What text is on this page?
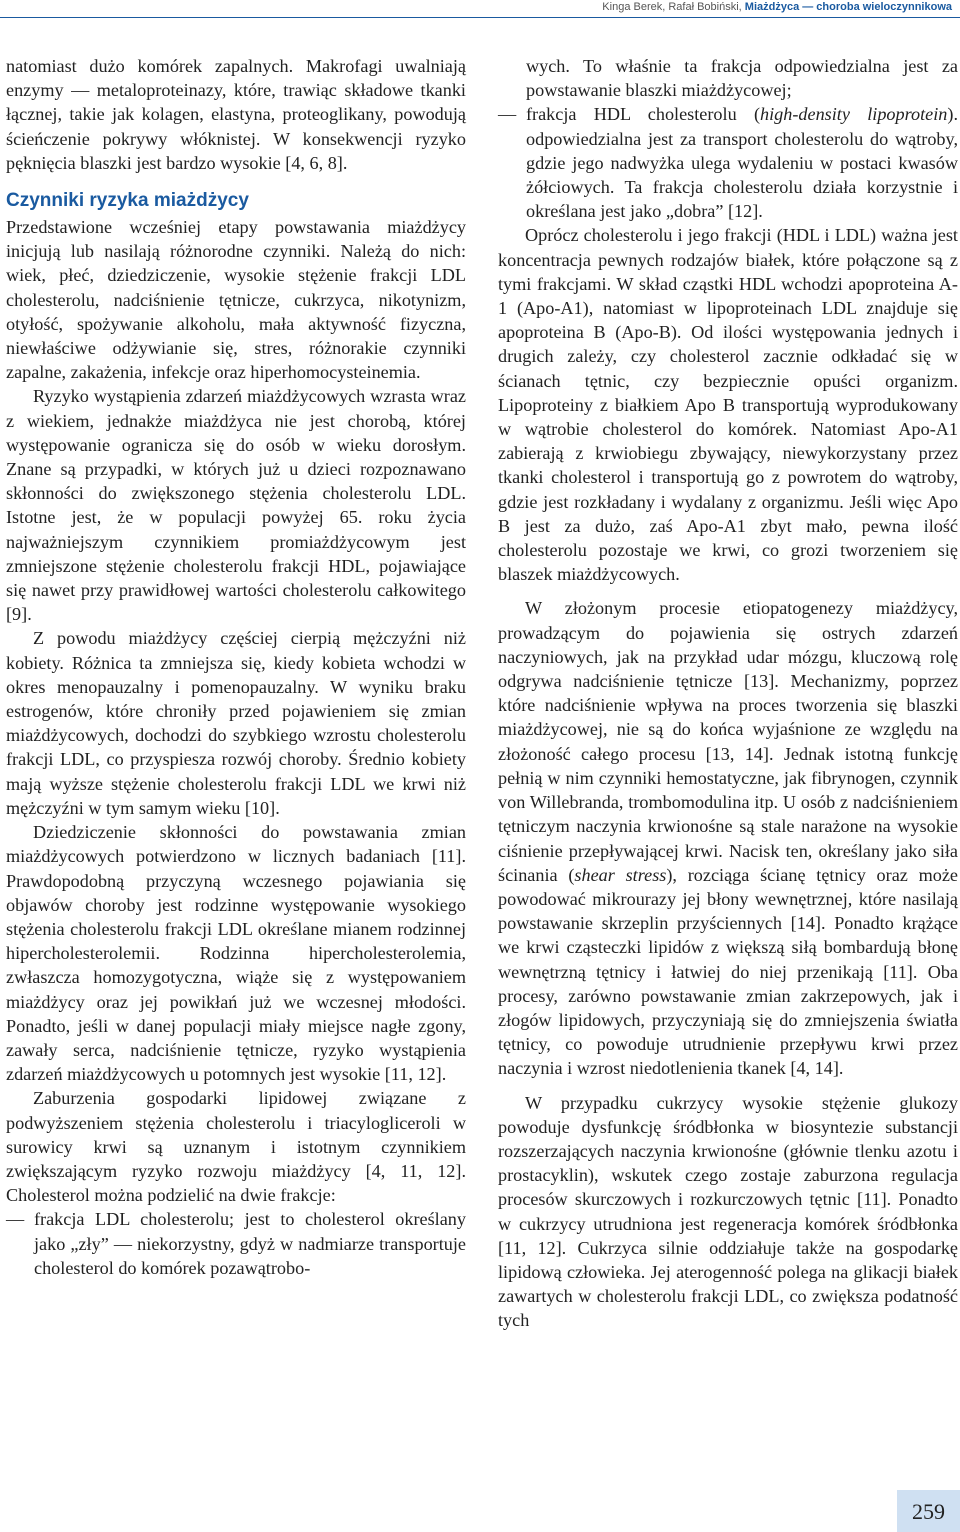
Kinga Berek, Rafał Bobiński, Miażdżyca — choroba wieloczynnikowa

natomiast dużo komórek zapalnych. Makrofagi uwalniają enzymy — metaloproteinazy, które, trawiąc składowe tkanki łącznej, takie jak kolagen, elastyna, proteoglikany, powodują ścieńczenie pokrywy włóknistej. W konsekwencji ryzyko pęknięcia blaszki jest bardzo wysokie [4, 6, 8].

Czynniki ryzyka miażdżycy

Przedstawione wcześniej etapy powstawania miażdżycy inicjują lub nasilają różnorodne czynniki. Należą do nich: wiek, płeć, dziedziczenie, wysokie stężenie frakcji LDL cholesterolu, nadciśnienie tętnicze, cukrzyca, nikotynizm, otyłość, spożywanie alkoholu, mała aktywność fizyczna, niewłaściwe odżywianie się, stres, różnorakie czynniki zapalne, zakażenia, infekcje oraz hiperhomocysteinemia.

Ryzyko wystąpienia zdarzeń miażdżycowych wzrasta wraz z wiekiem, jednakże miażdżyca nie jest chorobą, której występowanie ogranicza się do osób w wieku dorosłym. Znane są przypadki, w których już u dzieci rozpoznawano skłonności do zwiększonego stężenia cholesterolu LDL. Istotne jest, że w populacji powyżej 65. roku życia najważniejszym czynnikiem promiażdżycowym jest zmniejszone stężenie cholesterolu frakcji HDL, pojawiające się nawet przy prawidłowej wartości cholesterolu całkowitego [9].

Z powodu miażdżycy częściej cierpią mężczyźni niż kobiety. Różnica ta zmniejsza się, kiedy kobieta wchodzi w okres menopauzalny i pomenopauzalny. W wyniku braku estrogenów, które chroniły przed pojawieniem się zmian miażdżycowych, dochodzi do szybkiego wzrostu cholesterolu frakcji LDL, co przyspiesza rozwój choroby. Średnio kobiety mają wyższe stężenie cholesterolu frakcji LDL we krwi niż mężczyźni w tym samym wieku [10].

Dziedziczenie skłonności do powstawania zmian miażdżycowych potwierdzono w licznych badaniach [11]. Prawdopodobną przyczyną wczesnego pojawiania się objawów choroby jest rodzinne występowanie wysokiego stężenia cholesterolu frakcji LDL określane mianem rodzinnej hipercholesterolemii. Rodzinna hipercholesterolemia, zwłaszcza homozygotyczna, wiąże się z występowaniem miażdżycy oraz jej powikłań już we wczesnej młodości. Ponadto, jeśli w danej populacji miały miejsce nagłe zgony, zawały serca, nadciśnienie tętnicze, ryzyko wystąpienia zdarzeń miażdżycowych u potomnych jest wysokie [11, 12].

Zaburzenia gospodarki lipidowej związane z podwyższeniem stężenia cholesterolu i triacylogliceroli w surowicy krwi są uznanym i istotnym czynnikiem zwiększającym ryzyko rozwoju miażdżycy [4, 11, 12]. Cholesterol można podzielić na dwie frakcje:

— frakcja LDL cholesterolu; jest to cholesterol określany jako „zły” — niekorzystny, gdyż w nadmiarze transportuje cholesterol do komórek pozawątrobo-
wych. To właśnie ta frakcja odpowiedzialna jest za powstawanie blaszki miażdżycowej;
— frakcja HDL cholesterolu (high-density lipoprotein). odpowiedzialna jest za transport cholesterolu do wątroby, gdzie jego nadwyżka ulega wydaleniu w postaci kwasów żółciowych. Ta frakcja cholesterolu działa korzystnie i określana jest jako „dobra” [12].

Oprócz cholesterolu i jego frakcji (HDL i LDL) ważna jest koncentracja pewnych rodzajów białek, które połączone są z tymi frakcjami. W skład cząstki HDL wchodzi apoproteina A-1 (Apo-A1), natomiast w lipoproteinach LDL znajduje się apoproteina B (Apo-B). Od ilości występowania jednych i drugich zależy, czy cholesterol zacznie odkładać się w ścianach tętnic, czy bezpiecznie opuści organizm. Lipoproteiny z białkiem Apo B transportują wyprodukowany w wątrobie cholesterol do komórek. Natomiast Apo-A1 zabierają z krwiobiegu zbywający, niewykorzystany przez tkanki cholesterol i transportują go z powrotem do wątroby, gdzie jest rozkładany i wydalany z organizmu. Jeśli więc Apo B jest za dużo, zaś Apo-A1 zbyt mało, pewna ilość cholesterolu pozostaje we krwi, co grozi tworzeniem się blaszek miażdżycowych.

W złożonym procesie etiopatogenezy miażdżycy, prowadzącym do pojawienia się ostrych zdarzeń naczyniowych, jak na przykład udar mózgu, kluczową rolę odgrywa nadciśnienie tętnicze [13]. Mechanizmy, poprzez które nadciśnienie wpływa na proces tworzenia się blaszki miażdżycowej, nie są do końca wyjaśnione ze względu na złożoność całego procesu [13, 14]. Jednak istotną funkcję pełnią w nim czynniki hemostatyczne, jak fibrynogen, czynnik von Willebranda, trombomodulina itp. U osób z nadciśnieniem tętniczym naczynia krwionośne są stale narażone na wysokie ciśnienie przepływającej krwi. Nacisk ten, określany jako siła ścinania (shear stress), rozciąga ścianę tętnicy oraz może powodować mikrourazy jej błony wewnętrznej, które nasilają powstawanie skrzeplin przyściennych [14]. Ponadto krążące we krwi cząsteczki lipidów z większą siłą bombardują błonę wewnętrzną tętnicy i łatwiej do niej przenikają [11]. Oba procesy, zarówno powstawanie zmian zakrzepowych, jak i złogów lipidowych, przyczyniają się do zmniejszenia światła tętnicy, co powoduje utrudnienie przepływu krwi przez naczynia i wzrost niedotlenienia tkanek [4, 14].

W przypadku cukrzycy wysokie stężenie glukozy powoduje dysfunkcję śródbłonka w biosyntezie substancji rozszerzających naczynia krwionośne (głównie tlenku azotu i prostacyklin), wskutek czego zostaje zaburzona regulacja procesów skurczowych i rozkurczowych tętnic [11]. Ponadto w cukrzycy utrudniona jest regeneracja komórek śródbłonka [11, 12]. Cukrzyca silnie oddziałuje także na gospodarkę lipidową człowieka. Jej aterogenność polega na glikacji białek zawartych w cholesterolu frakcji LDL, co zwiększa podatność tych

259
